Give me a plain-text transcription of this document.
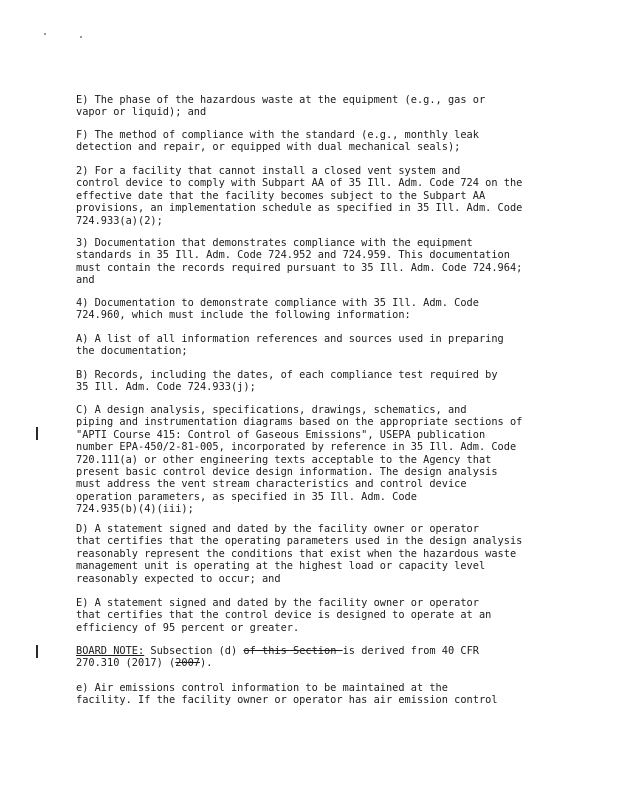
E) The phase of the hazardous waste at the equipment (e.g., gas or
vapor or liquid); and

F) The method of compliance with the standard (e.g., monthly leak
detection and repair, or equipped with dual mechanical seals);

2) For a facility that cannot install a closed vent system and
control device to comply with Subpart AA of 35 Ill. Adm. Code 724 on the
effective date that the facility becomes subject to the Subpart AA
provisions, an implementation schedule as specified in 35 Ill. Adm. Code
724.933(a)(2);

3) Documentation that demonstrates compliance with the equipment
standards in 35 Ill. Adm. Code 724.952 and 724.959. This documentation
must contain the records required pursuant to 35 Ill. Adm. Code 724.964;
and

4) Documentation to demonstrate compliance with 35 Ill. Adm. Code
724.960, which must include the following information:

A) A list of all information references and sources used in preparing
the documentation;

B) Records, including the dates, of each compliance test required by
35 Ill. Adm. Code 724.933(j);

C) A design analysis, specifications, drawings, schematics, and
piping and instrumentation diagrams based on the appropriate sections of
"APTI Course 415: Control of Gaseous Emissions", USEPA publication
number EPA-450/2-81-005, incorporated by reference in 35 Ill. Adm. Code
720.111(a) or other engineering texts acceptable to the Agency that
present basic control device design information. The design analysis
must address the vent stream characteristics and control device
operation parameters, as specified in 35 Ill. Adm. Code
724.935(b)(4)(iii);

D) A statement signed and dated by the facility owner or operator
that certifies that the operating parameters used in the design analysis
reasonably represent the conditions that exist when the hazardous waste
management unit is operating at the highest load or capacity level
reasonably expected to occur; and

E) A statement signed and dated by the facility owner or operator
that certifies that the control device is designed to operate at an
efficiency of 95 percent or greater.

BOARD NOTE: Subsection (d) of this Section is derived from 40 CFR
270.310 (2017) (2007).

e) Air emissions control information to be maintained at the
facility. If the facility owner or operator has air emission control
